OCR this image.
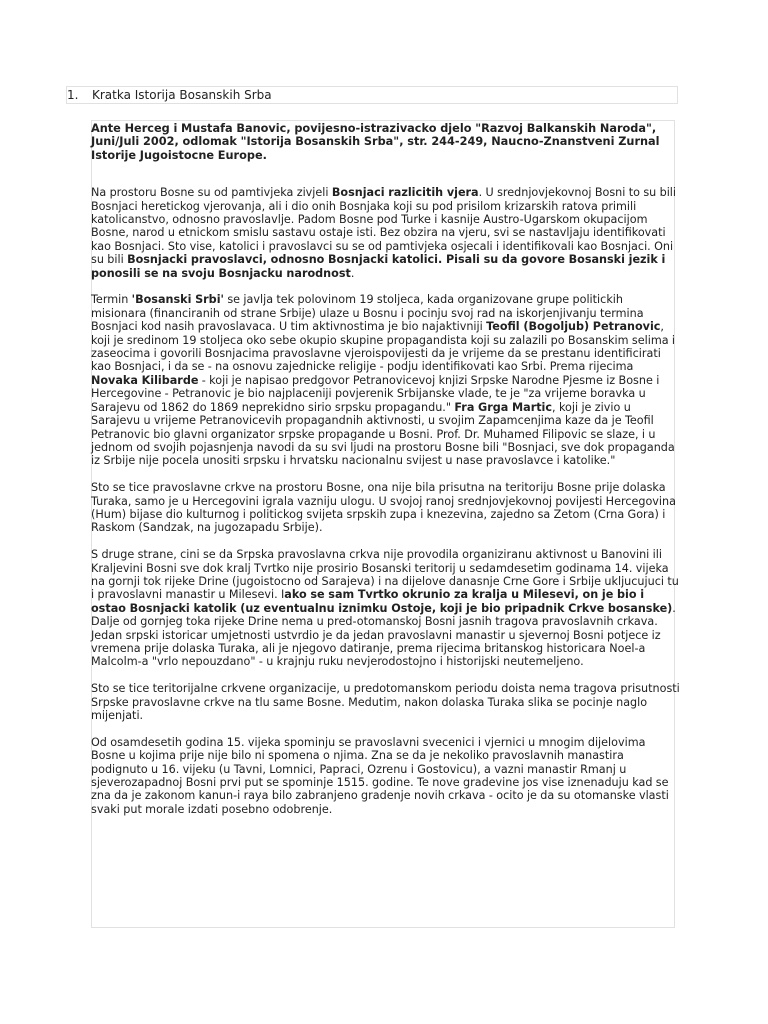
1. Kratka Istorija Bosanskih Srba

Ante Herceg i Mustafa Banovic, povijesno-istrazivacko djelo "Razvoj Balkanskih Naroda", Juni/Juli 2002, odlomak "Istorija Bosanskih Srba", str. 244-249, Naucno-Znanstveni Zurnal Istorije Jugoistocne Europe.

Na prostoru Bosne su od pamtivjeka zivjeli Bosnjaci razlicitih vjera. U srednjovjekovnoj Bosni to su bili Bosnjaci heretickog vjerovanja, ali i dio onih Bosnjaka koji su pod prisilom krizarskih ratova primili katolicanstvo, odnosno pravoslavlje. Padom Bosne pod Turke i kasnije Austro-Ugarskom okupacijom Bosne, narod u etnickom smislu sastavu ostaje isti. Bez obzira na vjeru, svi se nastavljaju identifikovati kao Bosnjaci. Sto vise, katolici i pravoslavci su se od pamtivjeka osjecali i identifikovali kao Bosnjaci. Oni su bili Bosnjacki pravoslavci, odnosno Bosnjacki katolici. Pisali su da govore Bosanski jezik i ponosili se na svoju Bosnjacku narodnost.

Termin 'Bosanski Srbi' se javlja tek polovinom 19 stoljeca, kada organizovane grupe politickih misionara (financiranih od strane Srbije) ulaze u Bosnu i pocinju svoj rad na iskorjenjivanju termina Bosnjaci kod nasih pravoslavaca. U tim aktivnostima je bio najaktivniji Teofil (Bogoljub) Petranovic, koji je sredinom 19 stoljeca oko sebe okupio skupine propagandista koji su zalazili po Bosanskim selima i zaseocima i govorili Bosnjacima pravoslavne vjeroispovijesti da je vrijeme da se prestanu identificirati kao Bosnjaci, i da se - na osnovu zajednicke religije - podju identifikovati kao Srbi. Prema rijecima Novaka Kilibarde - koji je napisao predgovor Petranovicevoj knjizi Srpske Narodne Pjesme iz Bosne i Hercegovine - Petranovic je bio najplaceniji povjerenik Srbijanske vlade, te je "za vrijeme boravka u Sarajevu od 1862 do 1869 neprekidno sirio srpsku propagandu." Fra Grga Martic, koji je zivio u Sarajevu u vrijeme Petranovicevih propagandnih aktivnosti, u svojim Zapamcenjima kaze da je Teofil Petranovic bio glavni organizator srpske propagande u Bosni. Prof. Dr. Muhamed Filipovic se slaze, i u jednom od svojih pojasnjenja navodi da su svi ljudi na prostoru Bosne bili "Bosnjaci, sve dok propaganda iz Srbije nije pocela unositi srpsku i hrvatsku nacionalnu svijest u nase pravoslavce i katolike."

Sto se tice pravoslavne crkve na prostoru Bosne, ona nije bila prisutna na teritoriju Bosne prije dolaska Turaka, samo je u Hercegovini igrala vazniju ulogu. U svojoj ranoj srednjovjekovnoj povijesti Hercegovina (Hum) bijase dio kulturnog i politickog svijeta srpskih zupa i knezevina, zajedno sa Zetom (Crna Gora) i Raskom (Sandzak, na jugozapadu Srbije).

S druge strane, cini se da Srpska pravoslavna crkva nije provodila organiziranu aktivnost u Banovini ili Kraljevini Bosni sve dok kralj Tvrtko nije prosirio Bosanski teritorij u sedamdesetim godinama 14. vijeka na gornji tok rijeke Drine (jugoistocno od Sarajeva) i na dijelove danasnje Crne Gore i Srbije ukljucujuci tu i pravoslavni manastir u Milesevi. Iako se sam Tvrtko okrunio za kralja u Milesevi, on je bio i ostao Bosnjacki katolik (uz eventualnu iznimku Ostoje, koji je bio pripadnik Crkve bosanske). Dalje od gornjeg toka rijeke Drine nema u pred-otomanskoj Bosni jasnih tragova pravoslavnih crkava. Jedan srpski istoricar umjetnosti ustvrdio je da jedan pravoslavni manastir u sjevernoj Bosni potjece iz vremena prije dolaska Turaka, ali je njegovo datiranje, prema rijecima britanskog historicara Noel-a Malcolm-a "vrlo nepouzdano" - u krajnju ruku nevjerodostojno i historijski neutemeljeno.

Sto se tice teritorijalne crkvene organizacije, u predotomanskom periodu doista nema tragova prisutnosti Srpske pravoslavne crkve na tlu same Bosne. Medutim, nakon dolaska Turaka slika se pocinje naglo mijenjati.

Od osamdesetih godina 15. vijeka spominju se pravoslavni svecenici i vjernici u mnogim dijelovima Bosne u kojima prije nije bilo ni spomena o njima. Zna se da je nekoliko pravoslavnih manastira podignuto u 16. vijeku (u Tavni, Lomnici, Papraci, Ozrenu i Gostovicu), a vazni manastir Rmanj u sjeverozapadnoj Bosni prvi put se spominje 1515. godine. Te nove gradevine jos vise iznenaduju kad se zna da je zakonom kanun-i raya bilo zabranjeno gradenje novih crkava - ocito je da su otomanske vlasti svaki put morale izdati posebno odobrenje.
